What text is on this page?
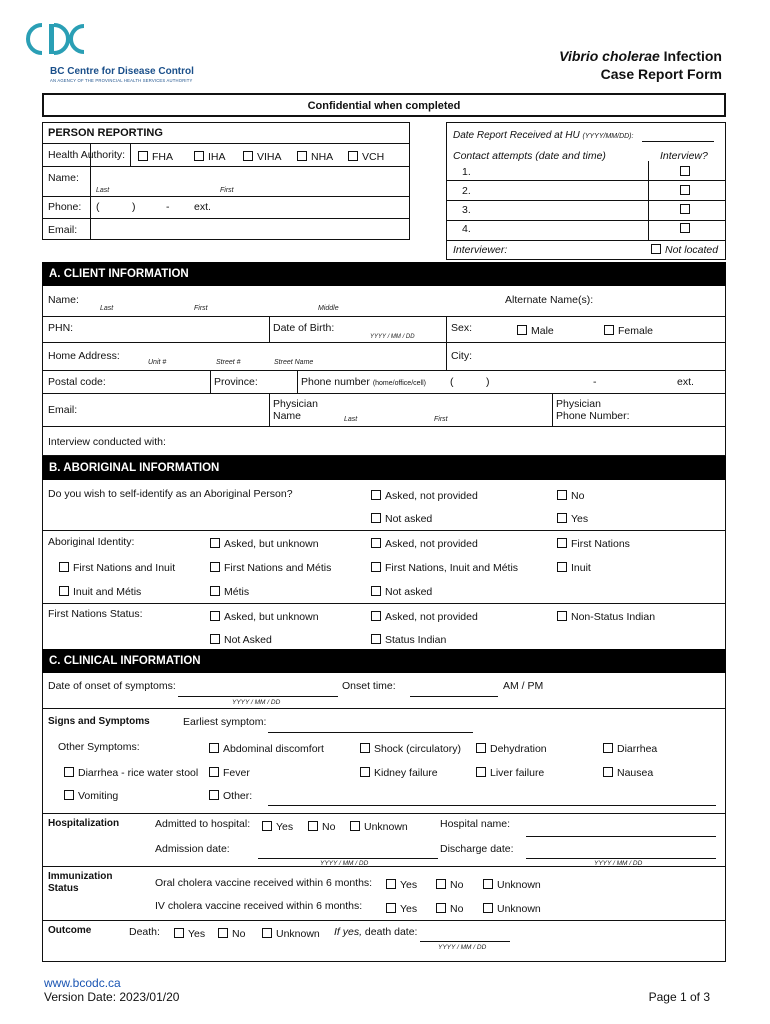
BC Centre for Disease Control
AN AGENCY OF THE PROVINCIAL HEALTH SERVICES AUTHORITY
Vibrio cholerae Infection
Case Report Form
Confidential when completed
PERSON REPORTING
Health Authority:	FHA	IHA	VIHA	NHA	VCH
Name:
Last	First
Phone: (	)	- ext.
Email:
Date Report Received at HU (YYYY/MM/DD):
Contact attempts (date and time)	Interview?
1.
2.
3.
4.
Interviewer:	Not located
A. CLIENT INFORMATION
Name:
Last	First	Middle
Alternate Name(s):
PHN:	Date of Birth:
YYYY / MM / DD
Sex:	Male	Female
Home Address:
Unit #	Street #	Street Name
City:
Postal code:	Province:	Phone number (home/office/cell) (	)	-	ext.
Email:	Physician
Name	Last	First
Physician
Phone Number:
Interview conducted with:
B. ABORIGINAL INFORMATION
Do you wish to self-identify as an Aboriginal Person?	Asked, not provided	No
Not asked	Yes
Aboriginal Identity:	Asked, but unknown	Asked, not provided	First Nations
First Nations and Inuit	First Nations and Métis	First Nations, Inuit and Métis	Inuit
Inuit and Métis	Métis	Not asked
First Nations Status:	Asked, but unknown	Asked, not provided	Non-Status Indian
Not Asked	Status Indian
C. CLINICAL INFORMATION
Date of onset of symptoms:
YYYY / MM / DD
Onset time:	AM / PM
Signs and Symptoms	Earliest symptom:
Other Symptoms:	Abdominal discomfort	Shock (circulatory)	Dehydration	Diarrhea
Diarrhea - rice water stool	Fever	Kidney failure	Liver failure	Nausea
Vomiting	Other:
Hospitalization	Admitted to hospital:	Yes	No	Unknown	Hospital name:
Admission date:
YYYY / MM / DD
Discharge date:
YYYY / MM / DD
Immunization
Status	Oral cholera vaccine received within 6 months:	Yes	No	Unknown
IV cholera vaccine received within 6 months:	Yes	No	Unknown
Outcome	Death:	Yes	No	Unknown If yes, death date:
YYYY / MM / DD
www.bcodc.ca
Version Date: 2023/01/20	Page 1 of 3
